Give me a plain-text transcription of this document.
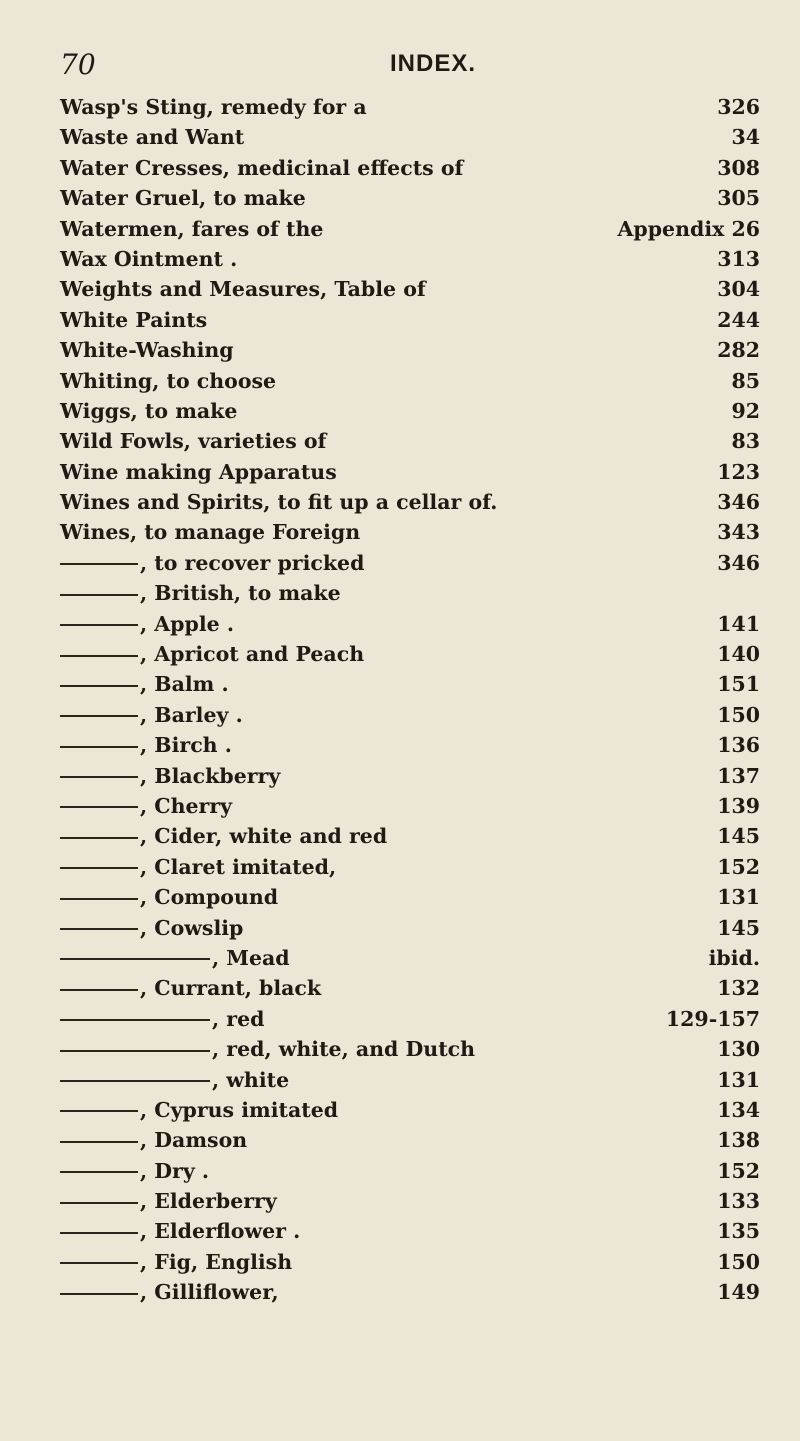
70	INDEX.
Wasp's Sting, remedy for a	326
Waste and Want	34
Water Cresses, medicinal effects of	308
Water Gruel, to make	305
Watermen, fares of the	Appendix 26
Wax Ointment .	313
Weights and Measures, Table of	304
White Paints	244
White-Washing	282
Whiting, to choose	85
Wiggs, to make	92
Wild Fowls, varieties of	83
Wine making Apparatus	123
Wines and Spirits, to fit up a cellar of.	346
Wines, to manage Foreign	343
, to recover pricked	346
, British, to make
, Apple .	141
, Apricot and Peach	140
, Balm .	151
, Barley .	150
, Birch .	136
, Blackberry	137
, Cherry	139
, Cider, white and red	145
, Claret imitated,	152
, Compound	131
, Cowslip	145
, Mead	ibid.
, Currant, black	132
, red	129-157
, red, white, and Dutch	130
, white	131
, Cyprus imitated	134
, Damson	138
, Dry .	152
, Elderberry	133
, Elderflower .	135
, Fig, English	150
, Gilliflower,	149
